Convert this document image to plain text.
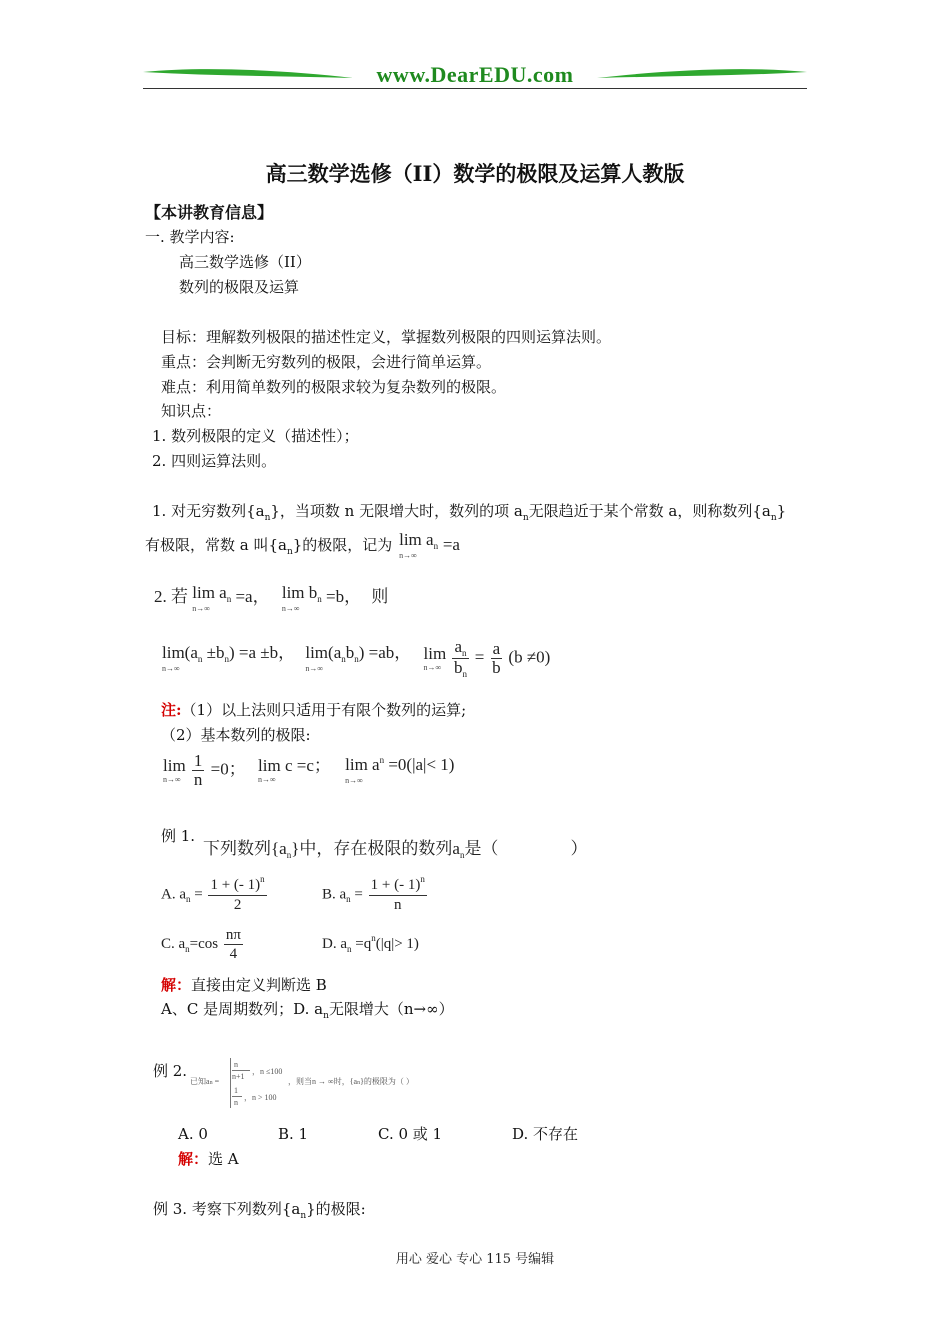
www.DearEDU.com
高三数学选修（II）数学的极限及运算人教版
【本讲教育信息】
一. 教学内容:
高三数学选修（II）
数列的极限及运算
目标：理解数列极限的描述性定义，掌握数列极限的四则运算法则。
重点：会判断无穷数列的极限，会进行简单运算。
难点：利用简单数列的极限求较为复杂数列的极限。
知识点：
1. 数列极限的定义（描述性）；
2. 四则运算法则。
1. 对无穷数列$\{a_n\}$，当项数 n 无限增大时，数列的项 $a_n$无限趋近于某个常数 a，则称数列$\{a_n\}$
有极限，常数 a 叫$\{a_n\}$的极限，记为 $\lim a_n$
n→∞
=a
2. 若 $\lim a_n$
n→∞
=a， $\lim b_n$
n→∞
=b， 则
$\lim(a_n \pm b_n) =a \pm b$，
n→∞

$\lim(a_nb_n) =ab$，
n→∞

lim
n→∞
$\frac{a_n}{b_n} = \frac{a}{b} (b \ne 0)$
注:（1）以上法则只适用于有限个数列的运算;
（2）基本数列的极限:
lim
n→∞
$\frac{1}{n} =0$； lim c =c；
n→∞

$\lim a^n =0(|a|< 1)$
n→∞
例 1.
下列数列$\{a_n\}$中，存在极限的数列$a_n$是（	）
A. $a_n = \frac{1 + (- 1)^n}{2}$	B. $a_n = \frac{1 + (- 1)^n}{n}$
C. $a_n=\cos \frac{n\pi}{4}$	D. $a_n =q^n(|q|> 1)$
解：直接由定义判断选 B
A、C 是周期数列；D. $a_n$无限增大（n→∞）
例 2.
已知an =
n
n+1
，n ≤100
1
n
，n > 100
，则当n → ∞时，{an}的极限为（ ）
A. 0	B. 1	C. 0 或 1	D. 不存在
解：选 A
例 3. 考察下列数列$\{a_n\}$的极限:
用心 爱心 专心 115 号编辑
